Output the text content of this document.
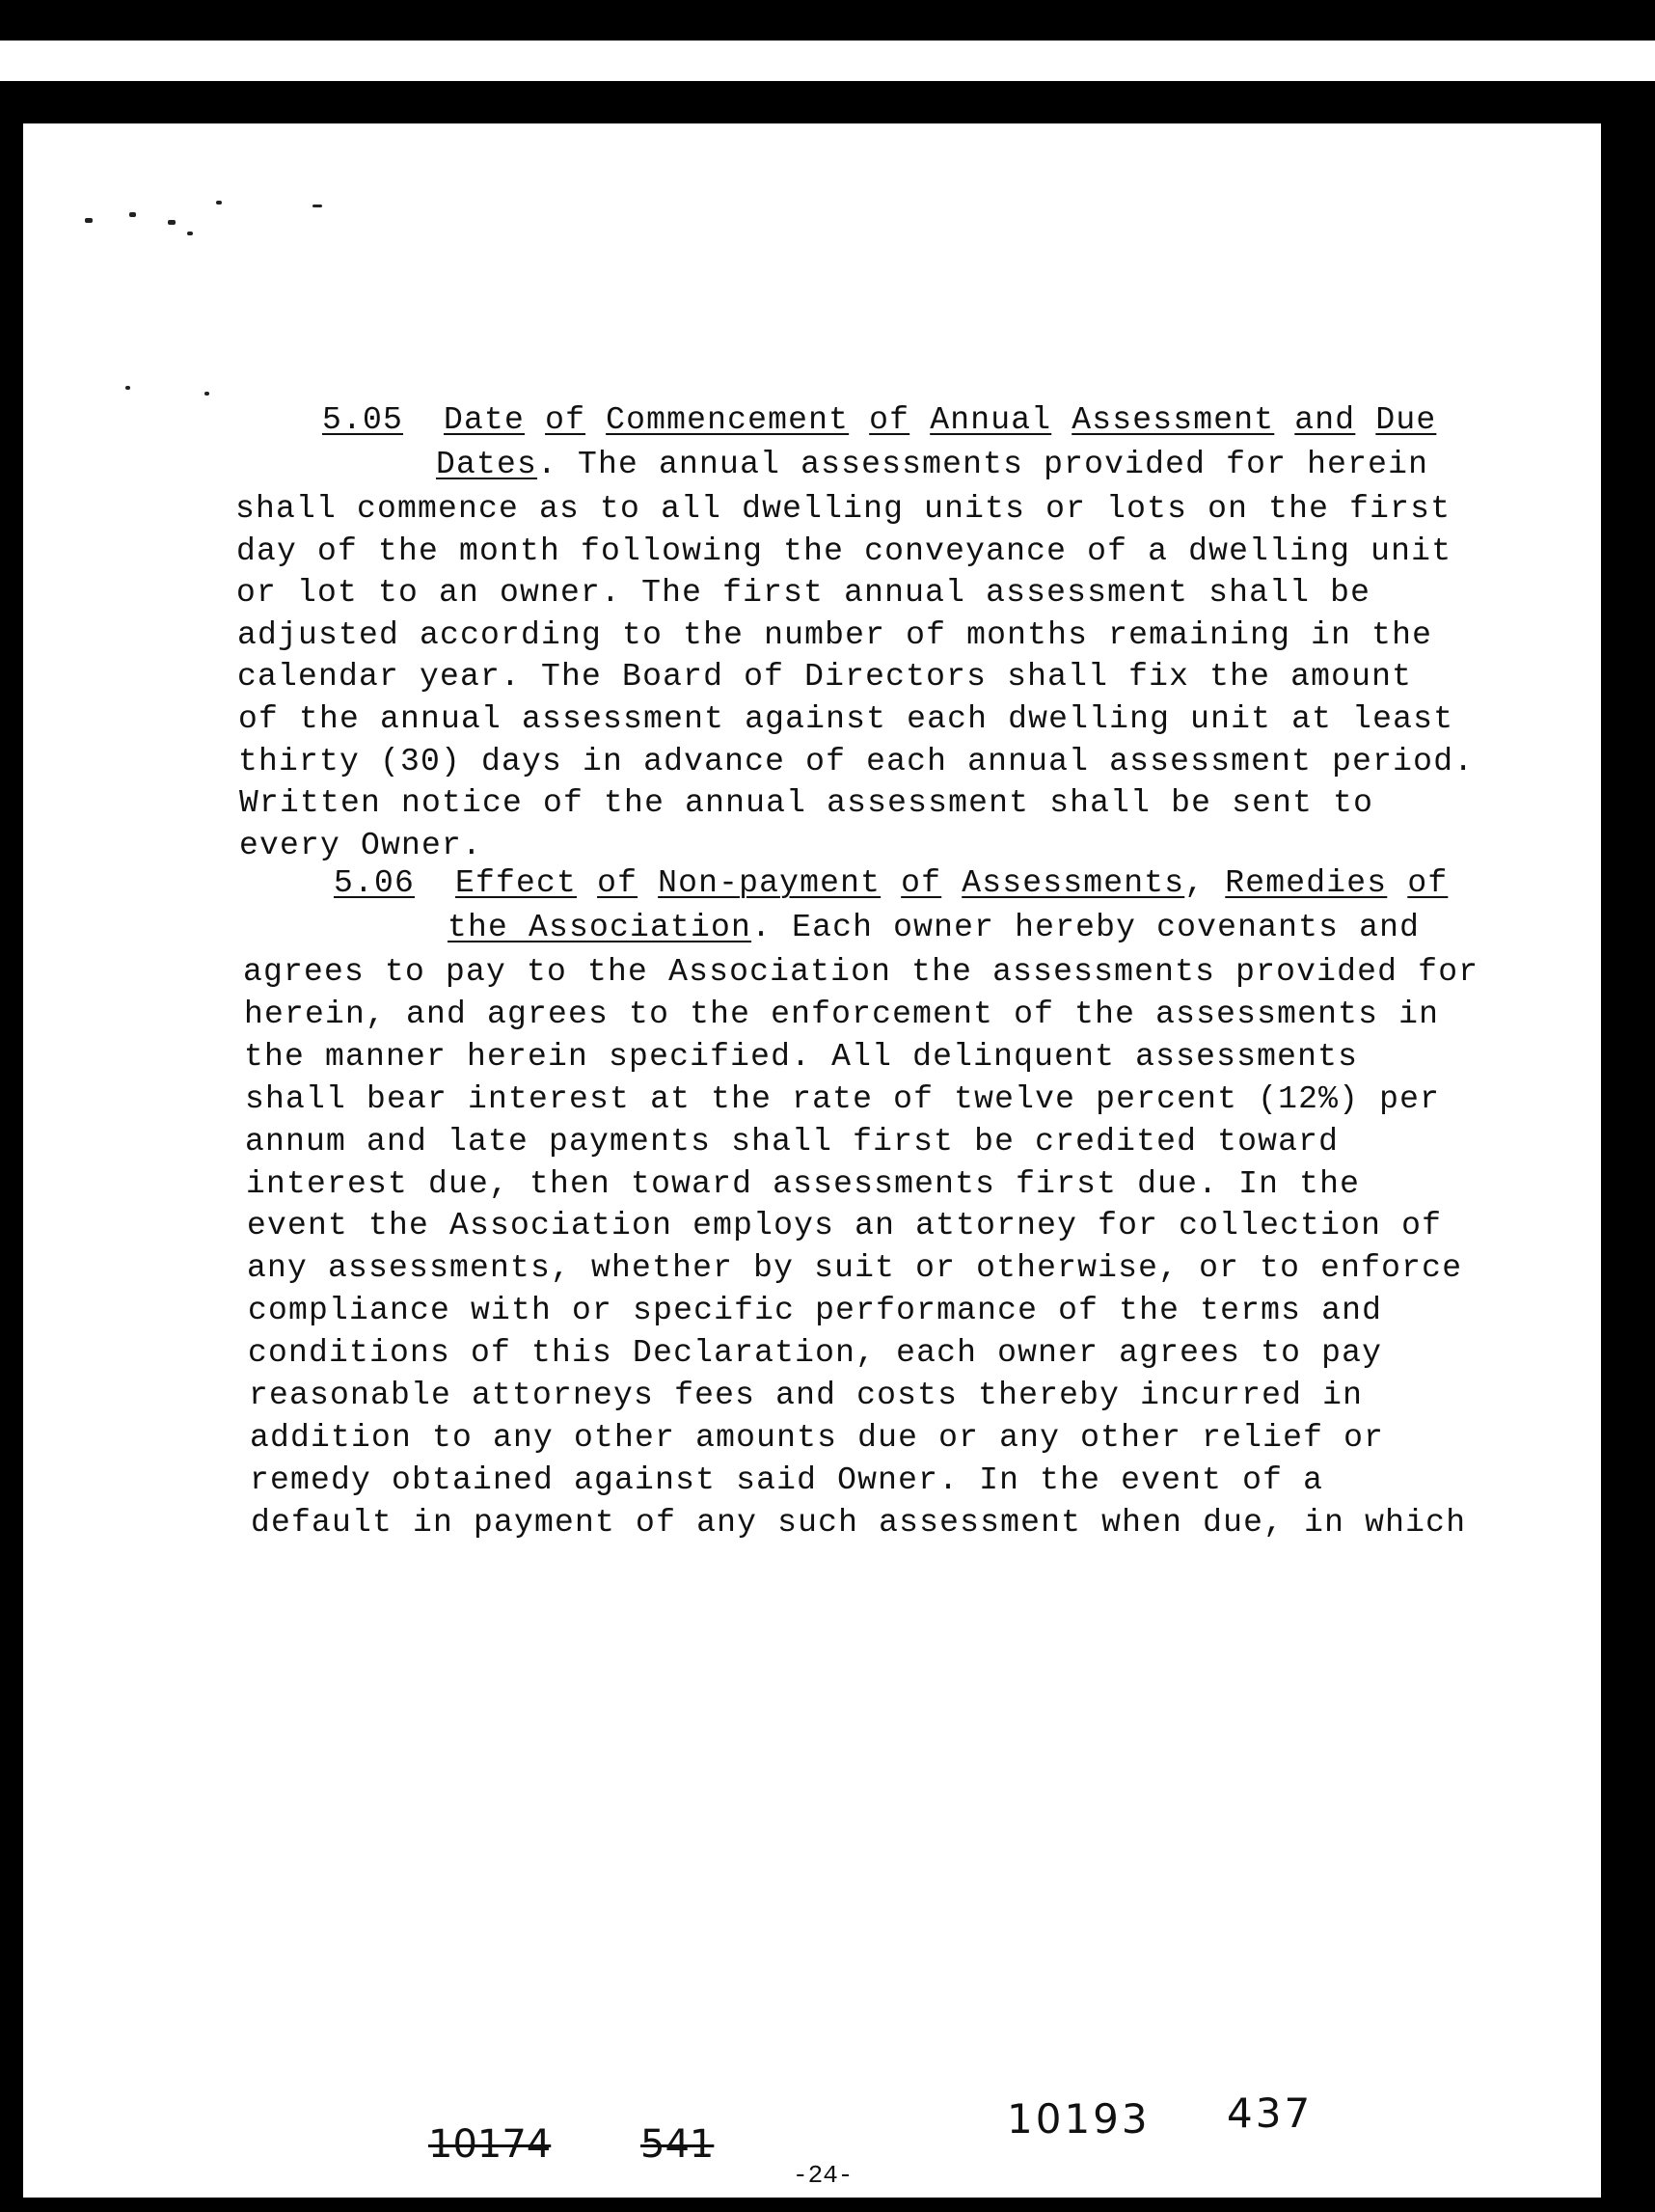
5.05 Date of Commencement of Annual Assessment and Due
Dates. The annual assessments provided for herein
shall commence as to all dwelling units or lots on the first
day of the month following the conveyance of a dwelling unit
or lot to an owner. The first annual assessment shall be
adjusted according to the number of months remaining in the
calendar year. The Board of Directors shall fix the amount
of the annual assessment against each dwelling unit at least
thirty (30) days in advance of each annual assessment period.
Written notice of the annual assessment shall be sent to
every Owner.
5.06 Effect of Non-payment of Assessments, Remedies of
the Association. Each owner hereby covenants and
agrees to pay to the Association the assessments provided for
herein, and agrees to the enforcement of the assessments in
the manner herein specified. All delinquent assessments
shall bear interest at the rate of twelve percent (12%) per
annum and late payments shall first be credited toward
interest due, then toward assessments first due. In the
event the Association employs an attorney for collection of
any assessments, whether by suit or otherwise, or to enforce
compliance with or specific performance of the terms and
conditions of this Declaration, each owner agrees to pay
reasonable attorneys fees and costs thereby incurred in
addition to any other amounts due or any other relief or
remedy obtained against said Owner. In the event of a
default in payment of any such assessment when due, in which
10174 541
10193 437
-24-
